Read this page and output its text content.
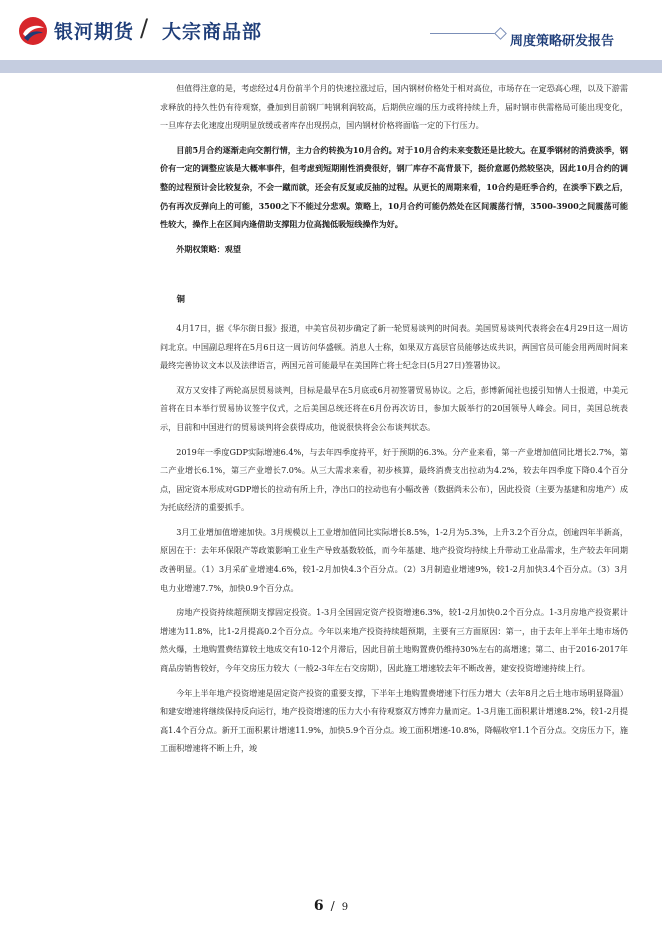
银河期货 / 大宗商品部	周度策略研发报告

但值得注意的是，考虑经过4月份前半个月的快速拉涨过后，国内钢材价格处于相对高位，市场存在一定恐高心理，以及下游需求释放的持久性仍有待观察，叠加到目前钢厂吨钢利润较高，后期供应端的压力或将持续上升，届时钢市供需格局可能出现变化，一旦库存去化速度出现明显放缓或者库存出现拐点，国内钢材价格将面临一定的下行压力。

目前5月合约逐渐走向交割行情，主力合约转换为10月合约。对于10月合约未来变数还是比较大。在夏季钢材的消费淡季，钢价有一定的调整应该是大概率事件，但考虑到短期刚性消费很好，钢厂库存不高背景下，挺价意愿仍然较坚决，因此10月合约的调整的过程预计会比较复杂，不会一蹴而就，还会有反复或反抽的过程。从更长的周期来看，10合约是旺季合约，在淡季下跌之后，仍有再次反弹向上的可能，3500之下不能过分悲观。策略上，10月合约可能仍然处在区间震荡行情，3500-3900之间震荡可能性较大，操作上在区间内逢借助支撑阻力位高抛低吸短线操作为好。

外期权策略：观望

铜

4月17日，据《华尔街日报》报道，中美官员初步确定了新一轮贸易谈判的时间表。美国贸易谈判代表将会在4月29日这一周访问北京。中国副总理将在5月6日这一周访问华盛顿。消息人士称，如果双方高层官员能够达成共识，两国官员可能会用两周时间来最终完善协议文本以及法律语言，两国元首可能最早在美国阵亡将士纪念日(5月27日)签署协议。

双方又安排了两轮高层贸易谈判，目标是最早在5月底或6月初签署贸易协议。之后，彭博新闻社也援引知情人士报道，中美元首将在日本举行贸易协议签字仪式，之后美国总统还将在6月份再次访日，参加大阪举行的20国领导人峰会。同日，美国总统表示，目前和中国进行的贸易谈判将会获得成功，他说很快将会公布谈判状态。

2019年一季度GDP实际增速6.4%，与去年四季度持平，好于预期的6.3%。分产业来看，第一产业增加值同比增长2.7%，第二产业增长6.1%，第三产业增长7.0%。从三大需求来看，初步核算，最终消费支出拉动为4.2%，较去年四季度下降0.4个百分点，固定资本形成对GDP增长的拉动有所上升，净出口的拉动也有小幅改善（数据尚未公布），因此投资（主要为基建和房地产）成为托底经济的重要抓手。

3月工业增加值增速加快。3月规模以上工业增加值同比实际增长8.5%，1-2月为5.3%，上升3.2个百分点，创逾四年半新高，原因在于：去年环保限产等政策影响工业生产导致基数较低，而今年基建、地产投资均持续上升带动工业品需求，生产较去年同期改善明显。（1）3月采矿业增速4.6%，较1-2月加快4.3个百分点。（2）3月制造业增速9%，较1-2月加快3.4个百分点。（3）3月电力业增速7.7%，加快0.9个百分点。

房地产投资持续超预期支撑固定投资。1-3月全国固定资产投资增速6.3%，较1-2月加快0.2个百分点。1-3月房地产投资累计增速为11.8%，比1-2月提高0.2个百分点。今年以来地产投资持续超预期，主要有三方面原因：第一，由于去年上半年土地市场仍然火爆，土地购置费结算较土地成交有10-12个月滞后，因此目前土地购置费仍维持30%左右的高增速；第二、由于2016-2017年商品房销售较好，今年交房压力较大（一般2-3年左右交房期），因此施工增速较去年不断改善，建安投资增速持续上行。

今年上半年地产投资增速是固定资产投资的重要支撑，下半年土地购置费增速下行压力增大（去年8月之后土地市场明显降温）和建安增速将继续保持反向运行，地产投资增速的压力大小有待观察双方博弈力量而定。1-3月施工面积累计增速8.2%，较1-2月提高1.4个百分点。新开工面积累计增速11.9%，加快5.9个百分点。竣工面积增速-10.8%，降幅收窄1.1个百分点。交房压力下，施工面积增速将不断上升，竣

6 / 9
